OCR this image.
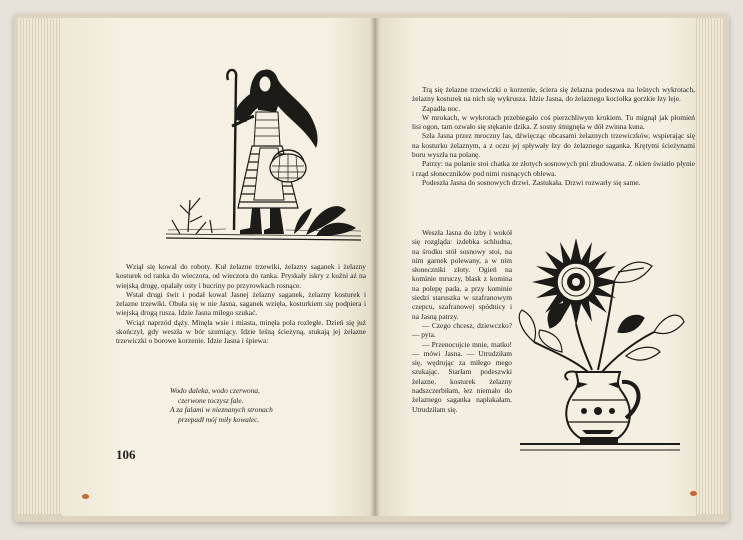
Wziął się kowal do roboty. Kuł żelazne trzewiki, żelazny saganek i żelazny kosturek od ranka do wieczora, od wieczora do ranka. Pryskały iskry z kuźni aż na wiejską drogę, opalały osty i bucriny po przyrowkach rosnące.

Wstał drugi świt i podał kowal Jasnej żelazny saganek, żelazny kosturek i żelazne trzewiki. Obuła się w nie Jasna, saganek wzięła, kosturkiem się podpiera i wiejską drogą rusza. Idzie Jasna miłego szukać.

Wciąż naprzód dąży. Minęła wsie i miasta, minęła pola rozległe. Dzień się już skończył, gdy weszła w bór szumiący. Idzie leśną ścieżyną, stukają jej żelazne trzewiczki o borowe korzenie. Idzie Jasna i śpiewa:

Wodo daleka, wodo czerwona,
czerwone toczysz fale.
A za falami w nieznanych stronach
przepadł mój miły kowalec.
106

Trą się żelazne trzewiczki o korzenie, ściera się żelazna podeszwa na leśnych wykrotach, żelazny kosturek na nich się wykrusza. Idzie Jasna, do żelaznego kociołka gorzkie łzy leje.

Zapadła noc.

W mrokach, w wykrotach przebiegało coś pierzchliwym krokiem. Tu mignął jak płomień lisi ogon, tam ozwało się stękanie dzika. Z sosny śmignęła w dół zwinna kuna.

Szła Jasna przez mroczny las, dźwięcząc obcasami żelaznych trzewiczków, wspierając się na kosturku żelaznym, a z oczu jej spływały łzy do żelaznego saganka. Krętymi ścieżynami boru wyszła na polanę.

Patrzy: na polanie stoi chatka ze złotych sosnowych pni zbudowana. Z okien światło płynie i rząd słoneczników pod nimi rosnących oblewa.

Podeszła Jasna do sosnowych drzwi. Zastukała. Drzwi rozwarły się same.

Weszła Jasna do izby i wokół się rozgląda: izdebka schludna, na środku stół sosnowy stoi, na nim garnek polewany, a w nim słoneczniki złoty. Ogień na kominie mruczy, blask z komina na polepę pada, a przy kominie siedzi staruszka w szafranowym czepcu, szafranowej spódnicy i na Jasną patrzy.

— Czego chcesz, dziewczko? — pyta.

— Przenocujcie mnie, matko! — mówi Jasna. — Utrudziłam się, wędrując za miłego mego szukając. Starłam podeszwki żelazne, kosturek żelazny nadszczerbiłam, łez niemało do żelaznego saganka napłakałam. Utrudziłam się.
